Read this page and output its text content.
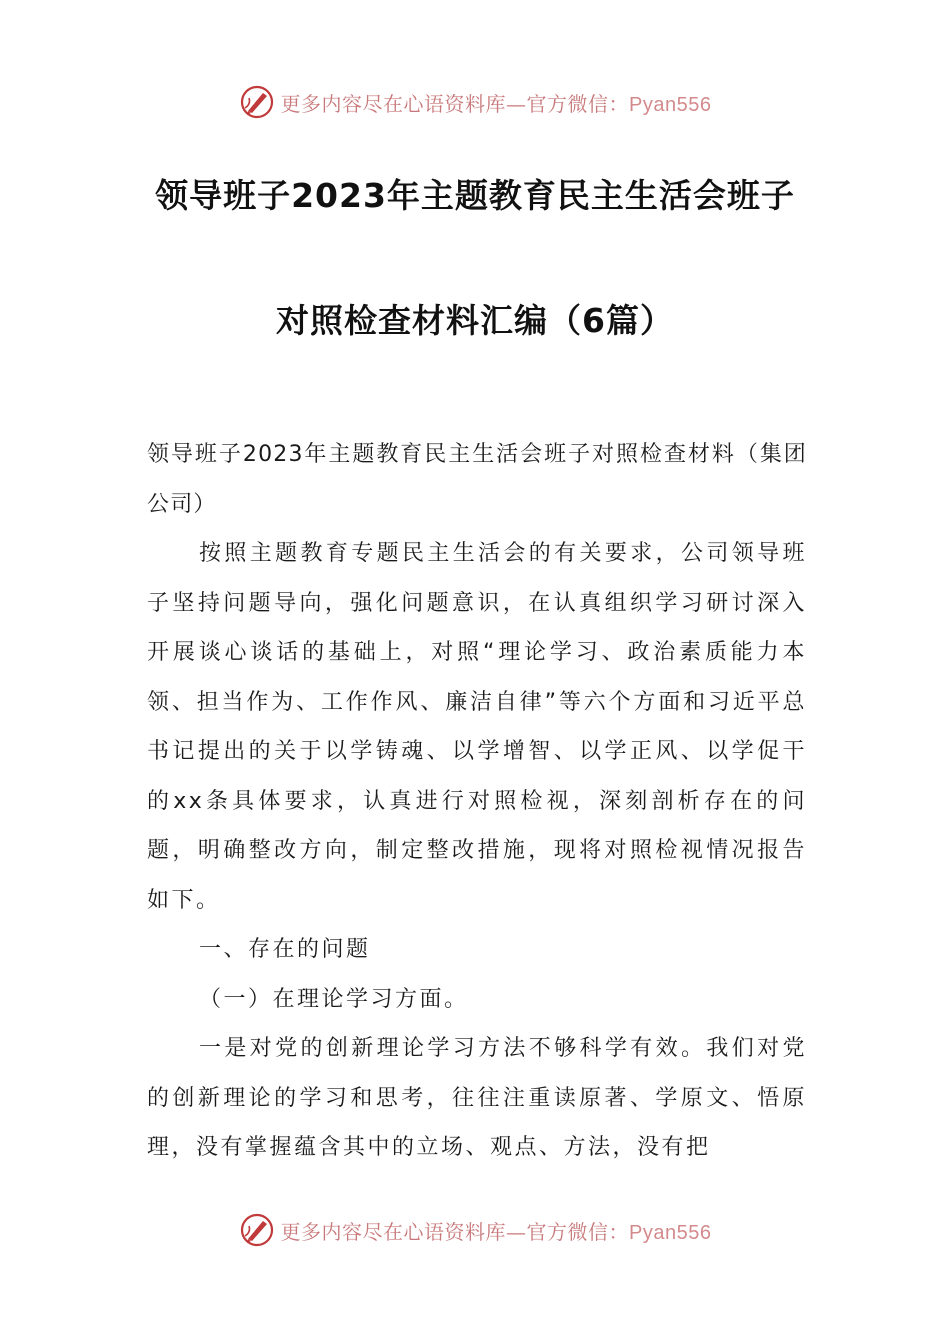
更多内容尽在心语资料库—官方微信：Pyan556
领导班子2023年主题教育民主生活会班子
对照检查材料汇编（6篇）

领导班子2023年主题教育民主生活会班子对照检查材料（集团公司）

按照主题教育专题民主生活会的有关要求，公司领导班子坚持问题导向，强化问题意识，在认真组织学习研讨深入开展谈心谈话的基础上，对照“理论学习、政治素质能力本领、担当作为、工作作风、廉洁自律”等六个方面和习近平总书记提出的关于以学铸魂、以学增智、以学正风、以学促干的xx条具体要求，认真进行对照检视，深刻剖析存在的问题，明确整改方向，制定整改措施，现将对照检视情况报告如下。

一、存在的问题

（一）在理论学习方面。

一是对党的创新理论学习方法不够科学有效。我们对党的创新理论的学习和思考，往往注重读原著、学原文、悟原理，没有掌握蕴含其中的立场、观点、方法，没有把

更多内容尽在心语资料库—官方微信：Pyan556
